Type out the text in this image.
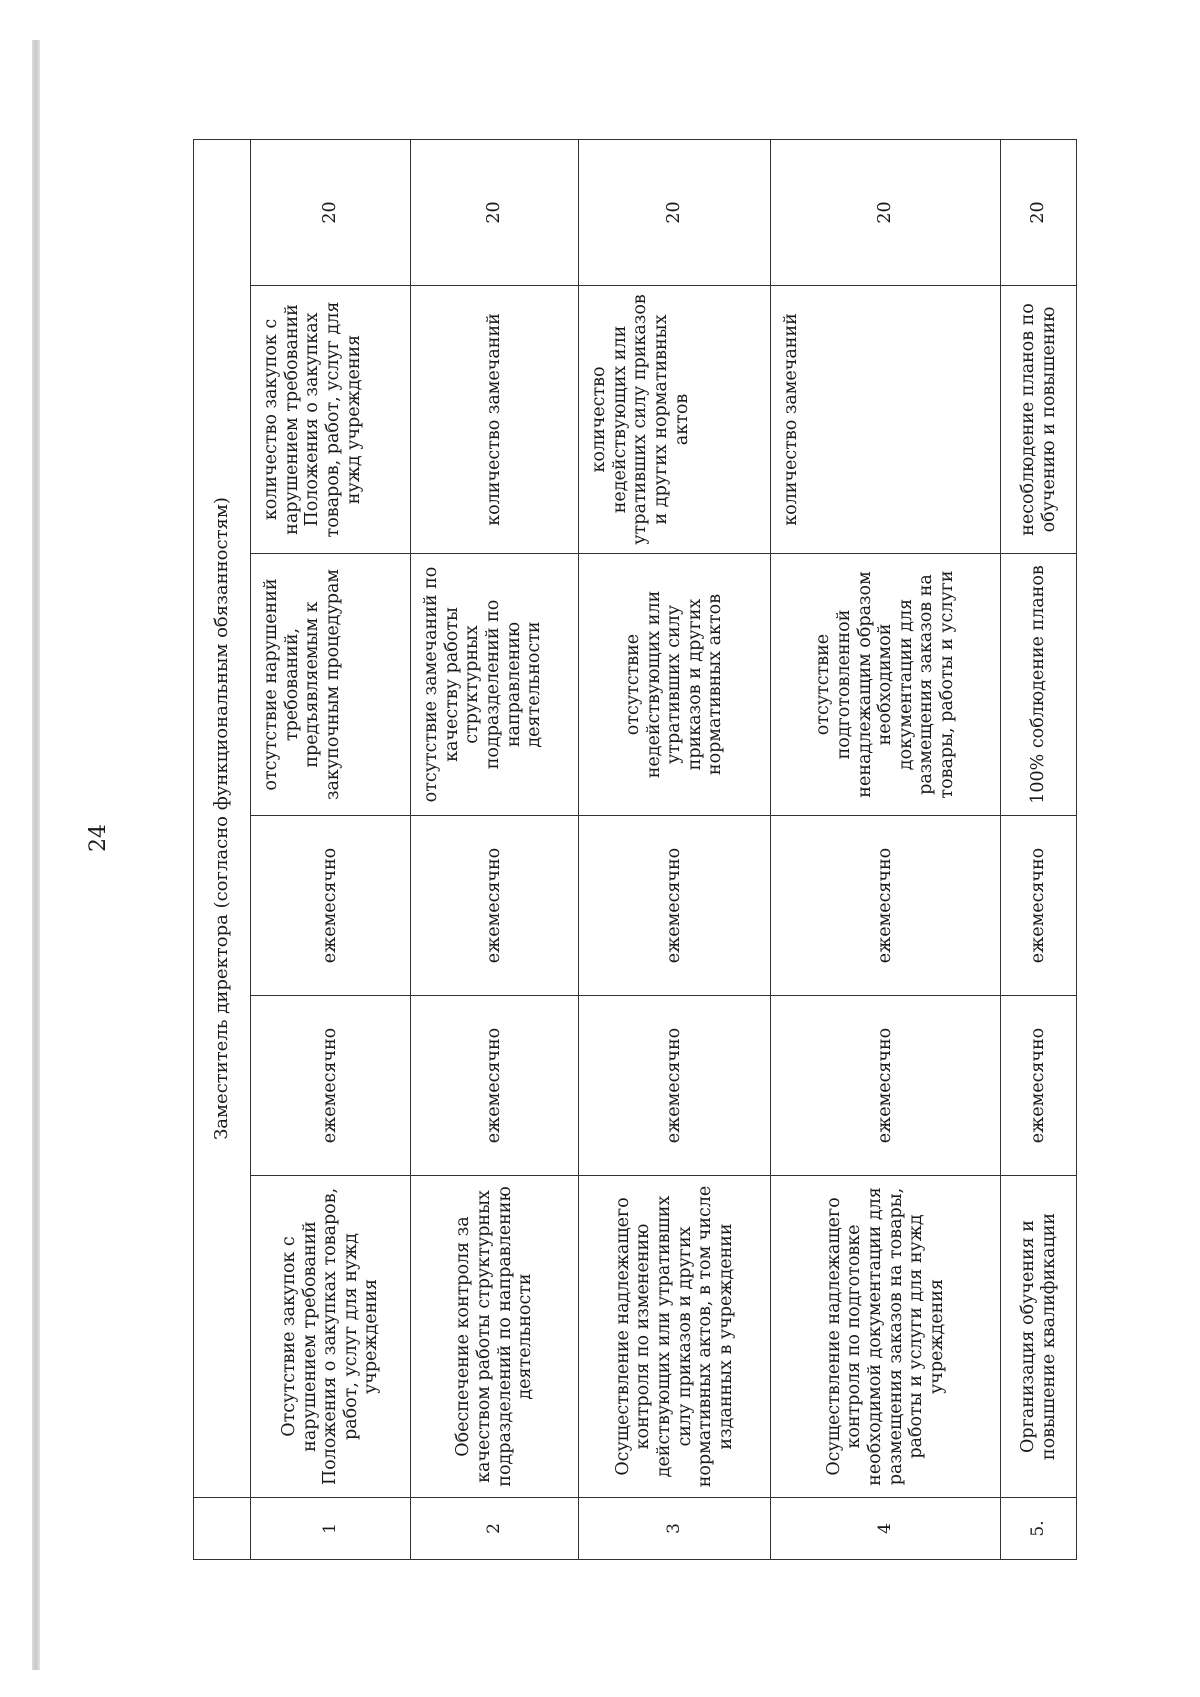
24
		Заместитель директора (согласно функциональным обязанностям)					
1	Отсутствие закупок с нарушением требований Положения о закупках товаров, работ, услуг для нужд учреждения	ежемесячно	ежемесячно	отсутствие нарушений требований, предъявляемым к закупочным процедурам	количество закупок с нарушением требований Положения о закупках товаров, работ, услуг для нужд учреждения	20
2	Обеспечение контроля за качеством работы структурных подразделений по направлению деятельности	ежемесячно	ежемесячно	отсутствие замечаний по качеству работы структурных подразделений по направлению деятельности	количество замечаний	20
3	Осуществление надлежащего контроля по изменению действующих или утративших силу приказов и других нормативных актов, в том числе изданных в учреждении	ежемесячно	ежемесячно	отсутствие недействующих или утративших силу приказов и других нормативных актов	количество недействующих или утративших силу приказов и других нормативных актов	20
4	Осуществление надлежащего контроля по подготовке необходимой документации для размещения заказов на товары, работы и услуги для нужд учреждения	ежемесячно	ежемесячно	отсутствие подготовленной ненадлежащим образом необходимой документации для размещения заказов на товары, работы и услуги	количество замечаний	20
5.	Организация обучения и повышение квалификации	ежемесячно	ежемесячно	100% соблюдение планов	несоблюдение планов по обучению и повышению	20
